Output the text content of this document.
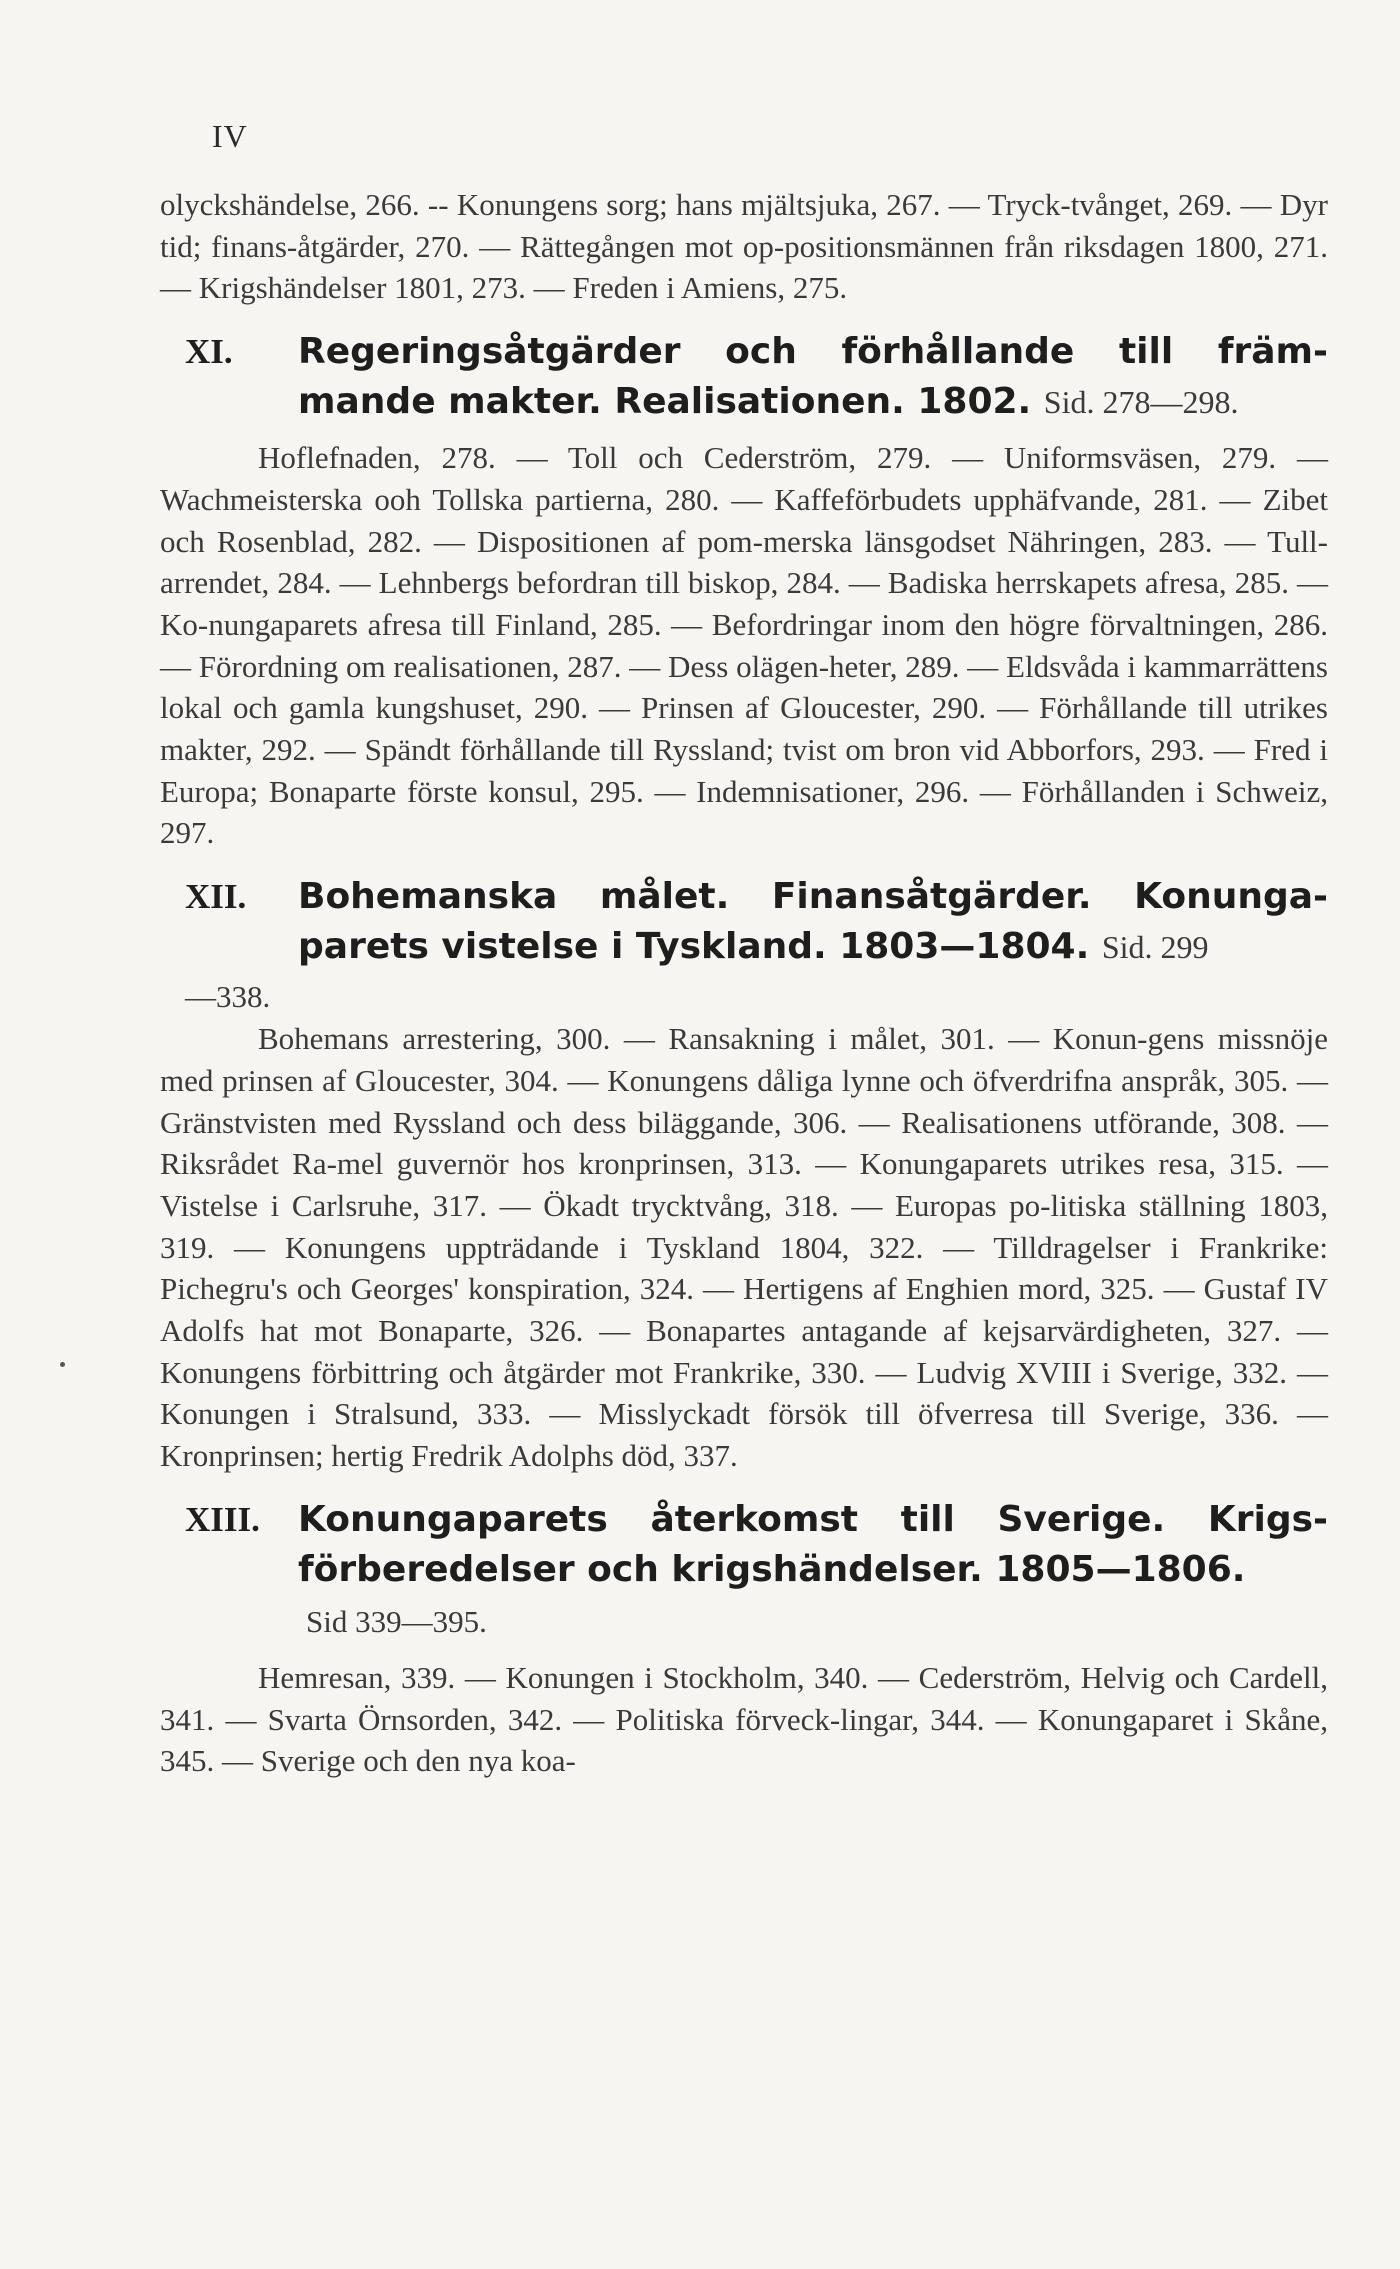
IV

olyckshändelse, 266. -- Konungens sorg; hans mjältsjuka, 267. — Tryck-tvånget, 269. — Dyr tid; finans-åtgärder, 270. — Rättegången mot op-positionsmännen från riksdagen 1800, 271. — Krigshändelser 1801, 273. — Freden i Amiens, 275.

XI. Regeringsåtgärder och förhållande till främ-mande makter. Realisationen. 1802. Sid. 278—298.

Hoflefnaden, 278. — Toll och Cederström, 279. — Uniformsväsen, 279. — Wachmeisterska ooh Tollska partierna, 280. — Kaffeförbudets upphäfvande, 281. — Zibet och Rosenblad, 282. — Dispositionen af pom-merska länsgodset Nähringen, 283. — Tull-arrendet, 284. — Lehnbergs befordran till biskop, 284. — Badiska herrskapets afresa, 285. — Ko-nungaparets afresa till Finland, 285. — Befordringar inom den högre förvaltningen, 286. — Förordning om realisationen, 287. — Dess olägen-heter, 289. — Eldsvåda i kammarrättens lokal och gamla kungshuset, 290. — Prinsen af Gloucester, 290. — Förhållande till utrikes makter, 292. — Spändt förhållande till Ryssland; tvist om bron vid Abborfors, 293. — Fred i Europa; Bonaparte förste konsul, 295. — Indemnisationer, 296. — Förhållanden i Schweiz, 297.

XII. Bohemanska målet. Finansåtgärder. Konunga-parets vistelse i Tyskland. 1803—1804. Sid. 299
—338.

Bohemans arrestering, 300. — Ransakning i målet, 301. — Konun-gens missnöje med prinsen af Gloucester, 304. — Konungens dåliga lynne och öfverdrifna anspråk, 305. — Gränstvisten med Ryssland och dess biläggande, 306. — Realisationens utförande, 308. — Riksrådet Ra-mel guvernör hos kronprinsen, 313. — Konungaparets utrikes resa, 315. — Vistelse i Carlsruhe, 317. — Ökadt trycktvång, 318. — Europas po-litiska ställning 1803, 319. — Konungens uppträdande i Tyskland 1804, 322. — Tilldragelser i Frankrike: Pichegru's och Georges' konspiration, 324. — Hertigens af Enghien mord, 325. — Gustaf IV Adolfs hat mot Bonaparte, 326. — Bonapartes antagande af kejsarvärdigheten, 327. — Konungens förbittring och åtgärder mot Frankrike, 330. — Ludvig XVIII i Sverige, 332. — Konungen i Stralsund, 333. — Misslyckadt försök till öfverresa till Sverige, 336. — Kronprinsen; hertig Fredrik Adolphs död, 337.

XIII. Konungaparets återkomst till Sverige. Krigs-förberedelser och krigshändelser. 1805—1806.
Sid 339—395.

Hemresan, 339. — Konungen i Stockholm, 340. — Cederström, Helvig och Cardell, 341. — Svarta Örnsorden, 342. — Politiska förveck-lingar, 344. — Konungaparet i Skåne, 345. — Sverige och den nya koa-
